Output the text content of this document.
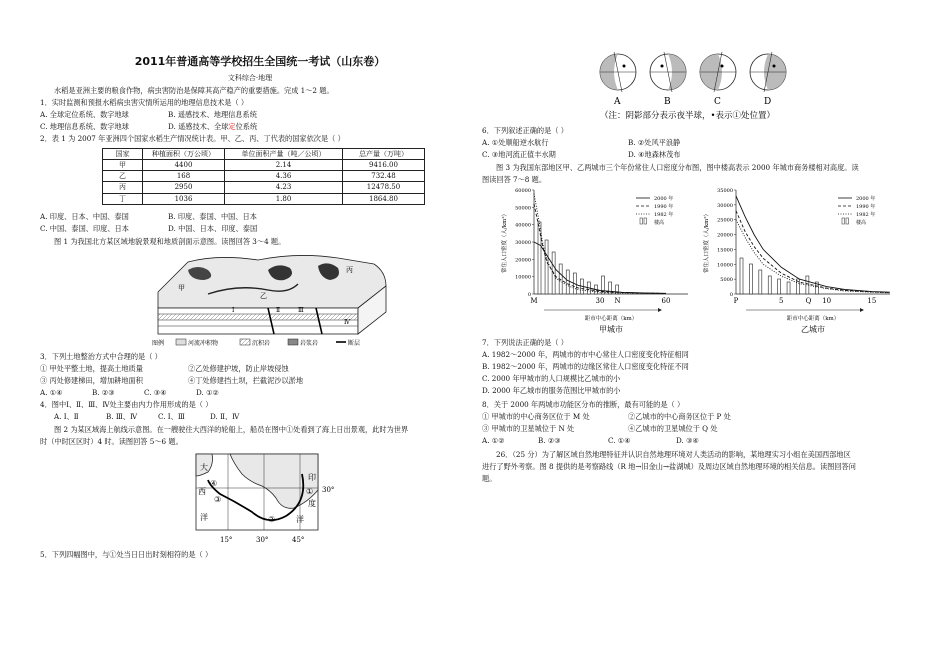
2011年普通高等学校招生全国统一考试（山东卷）
文科综合·地理
水稻是亚洲主要的粮食作物，病虫害防治是保障其高产稳产的重要措施。完成 1～2 题。
1．实时监测和预报水稻病虫害灾情所运用的地理信息技术是（ ）
A. 全球定位系统、数字地球	B. 遥感技术、地理信息系统
C. 地理信息系统、数字地球	D. 遥感技术、全球定位系统
2．表 1 为 2007 年亚洲四个国家水稻生产情况统计表。甲、乙、丙、丁代表的国家依次是（ ）
国家	种植面积（万公顷）	单位面积产量（吨／公顷）	总产量（万吨）
甲	4400	2.14	9416.00
乙	168	4.36	732.48
丙	2950	4.23	12478.50
丁	1036	1.80	1864.80
A. 印度、日本、中国、泰国	B. 印度、泰国、中国、日本
C. 中国、泰国、印度、日本	D. 中国、日本、印度、泰国
图 1 为我国北方某区域地貌景观和地质剖面示意图。读图回答 3～4 题。
甲
乙
丙
Ⅰ	Ⅱ	Ⅲ
Ⅳ
图例	河流冲积物	沉积岩	岩浆岩	断层
3．下列土地整治方式中合理的是（ ）
① 甲处平整土地，提高土地质量	②乙处修建护坡，防止岸坡侵蚀
③ 丙处修建梯田，增加耕地面积	④丁处修建挡土坝，拦截泥沙以淤地
A. ①④	B. ②③	C. ③④	D. ①②
4．图中Ⅰ、Ⅱ、Ⅲ、Ⅳ处主要由内力作用形成的是（ ）
A. Ⅰ、Ⅱ	B. Ⅲ、Ⅳ	C. Ⅰ、Ⅲ	D. Ⅱ、Ⅳ
图 2 为某区域海上航线示意图。在一艘驶往大西洋的轮船上，船员在图中①处看到了海上日出景观，此时为世界
时（中时区区时）4 时。读图回答 5～6 题。
大
西
洋
印
度
洋
①
②
③
④
30°
15°	30°	45°
5．下列四幅图中，与①处当日日出时刻相符的是（ ）
A	B	C	D
（注：阴影部分表示夜半球，•表示①处位置）
6．下列叙述正确的是（ ）
A. ①处顺船逆水航行	B. ②处风平浪静
C. ③地河流正值丰水期	D. ④地森林茂布
图 3 为我国东部地区甲、乙两城市三个年份常住人口密度分布图，图中楼高表示 2000 年城市商务楼相对高度。读
图读回答 7～8 题。
0
10000
20000
30000
40000
50000
60000
常住人口密度（人/km²）
2000 年
1990 年
1982 年
楼高
30	60
M	N
距市中心距离（km）
甲城市
0
5000
10000
15000
20000
25000
30000
35000
常住人口密度（人/km²）
2000 年
1990 年
1982 年
楼高
5	10	15
P	Q
距市中心距离（km）
乙城市
7．下列说法正确的是（ ）
A. 1982～2000 年，两城市的市中心常住人口密度变化特征相同
B. 1982～2000 年，两城市的边缘区常住人口密度变化特征不同
C. 2000 年甲城市的人口规模比乙城市的小
D. 2000 年乙城市的服务范围比甲城市的小
8．关于 2000 年两城市功能区分布的推断，最有可能的是（ ）
① 甲城市的中心商务区位于 M 处	②乙城市的中心商务区位于 P 处
③ 甲城市的卫星城位于 N 处	④乙城市的卫星城位于 Q 处
A. ①②	B. ②③	C. ①④	D. ③④
26．（25 分）为了解区域自然地理特征并认识自然地理环境对人类活动的影响，某地理实习小组在美国西部地区
进行了野外考察。图 8 提供的是考察路线（R 地→旧金山→盐湖城）及周边区域自然地理环境的相关信息。读图回答问
题。
